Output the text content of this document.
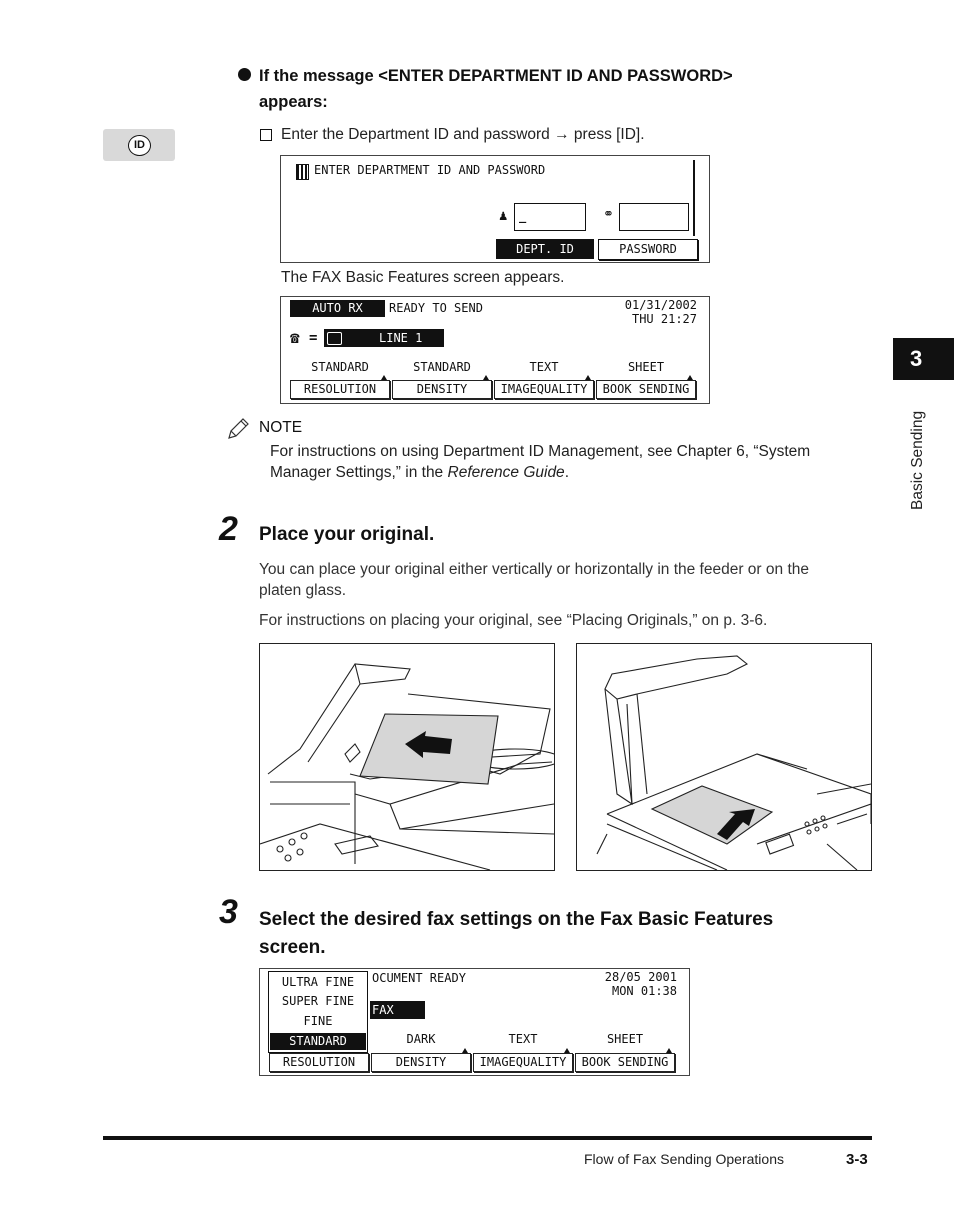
If the message <ENTER DEPARTMENT ID AND PASSWORD>
appears:
ID
Enter the Department ID and password → press [ID].
ENTER DEPARTMENT ID AND PASSWORD
♟ _	⚭
DEPT. ID	PASSWORD
The FAX Basic Features screen appears.
AUTO RX	READY TO SEND	01/31/2002
THU 21:27
☎ =	LINE 1
STANDARD	STANDARD	TEXT	SHEET
RESOLUTION	DENSITY	IMAGEQUALITY	BOOK SENDING
NOTE
For instructions on using Department ID Management, see Chapter 6, “System
Manager Settings,” in the Reference Guide.
2 Place your original.
You can place your original either vertically or horizontally in the feeder or on the
platen glass.
For instructions on placing your original, see “Placing Originals,” on p. 3-6.
3 Select the desired fax settings on the Fax Basic Features
screen.
ULTRA FINE
SUPER FINE
FINE
STANDARD
OCUMENT READY	28/05 2001
MON 01:38
FAX
DARK	TEXT	SHEET
RESOLUTION	DENSITY	IMAGEQUALITY	BOOK SENDING
3
Basic Sending
Flow of Fax Sending Operations	3-3
